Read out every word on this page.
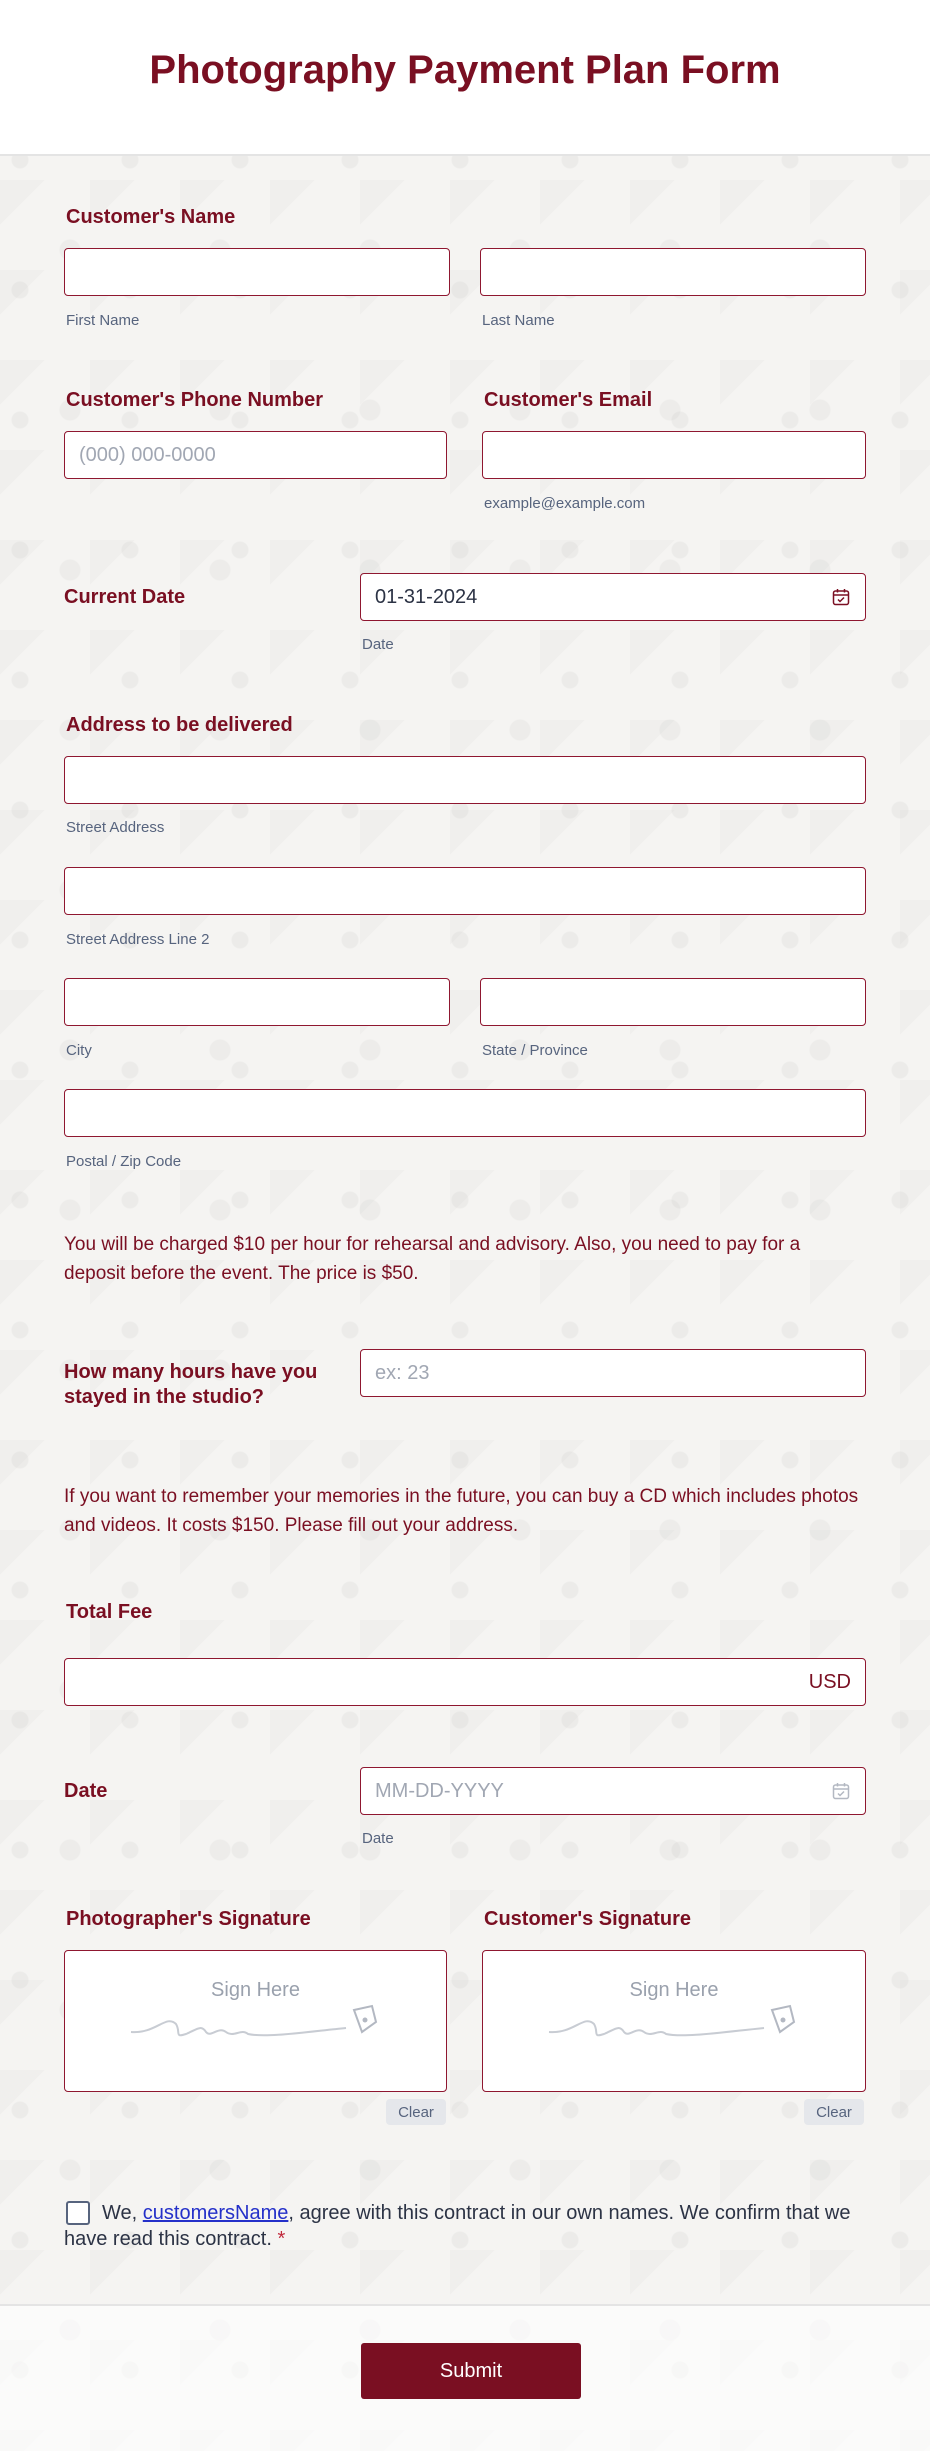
Photography Payment Plan Form
Customer's Name
First Name	Last Name
Customer's Phone Number
(000) 000-0000
Customer's Email
example@example.com
Current Date	01-31-2024
Date
Address to be delivered
Street Address
Street Address Line 2
City	State / Province
Postal / Zip Code
You will be charged $10 per hour for rehearsal and advisory. Also, you need to pay for a deposit before the event. The price is $50.
How many hours have you stayed in the studio?
ex: 23
If you want to remember your memories in the future, you can buy a CD which includes photos and videos. It costs $150. Please fill out your address.
Total Fee
USD
Date	MM-DD-YYYY
Date
Photographer's Signature
Sign Here
Clear
Customer's Signature
Sign Here
Clear
We, customersName, agree with this contract in our own names. We confirm that we have read this contract. *
Submit
